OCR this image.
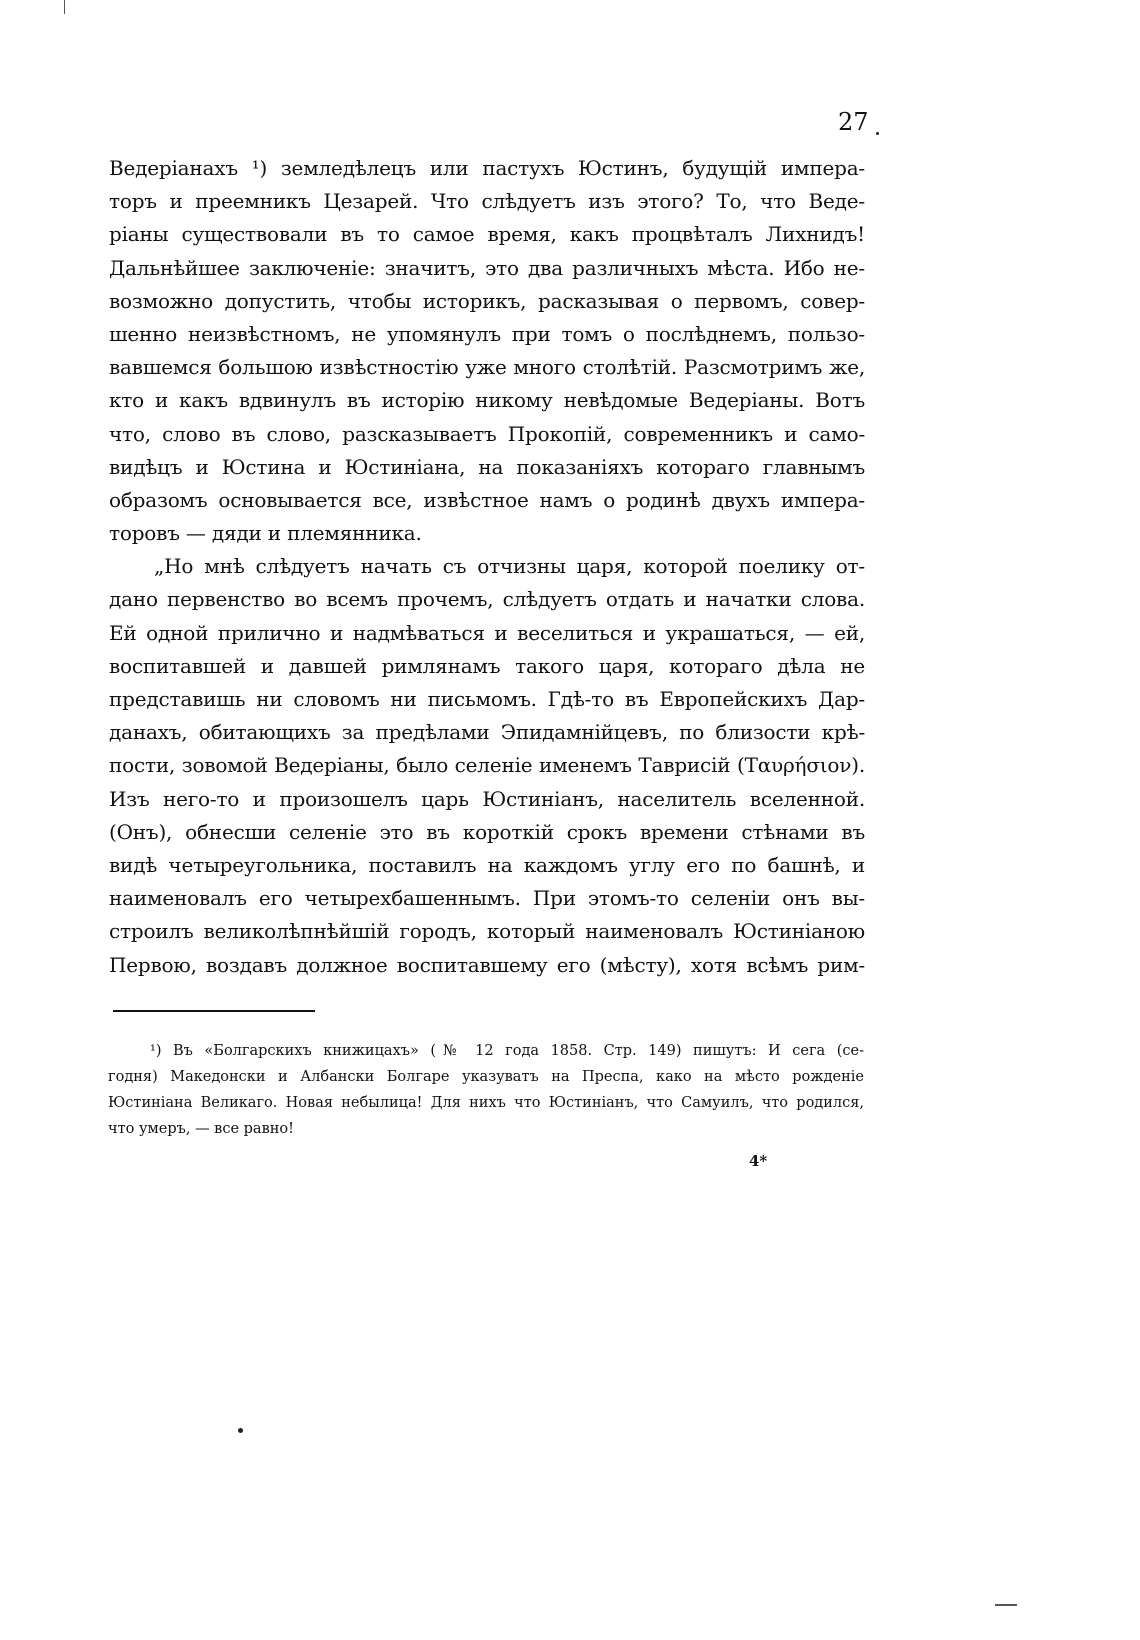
27
Ведеріанахъ ¹) земледѣлецъ или пастухъ Юстинъ, будущій импера-
торъ и преемникъ Цезарей. Что слѣдуетъ изъ этого? То, что Ведe-
ріаны существовали въ то самое время, какъ процвѣталъ Лихнидъ!
Дальнѣйшее заключеніе: значитъ, это два различныхъ мѣста. Ибо не-
возможно допустить, чтобы историкъ, раскaзывая о первомъ, совер-
шенно неизвѣстномъ, не упомянулъ при томъ о послѣднемъ, пользо-
вавшемся большою извѣстностію уже много столѣтій. Разсмотримъ же,
кто и какъ вдвинулъ въ исторію никому невѣдомые Ведеріаны. Вотъ
что, слово въ слово, разсказываетъ Прокопій, современникъ и само-
видѣцъ и Юстина и Юстиніана, на показаніяхъ котораго главнымъ
образомъ основывается все, извѣстное намъ о родинѣ двухъ импера-
торовъ — дяди и племянника.
„Но мнѣ слѣдуетъ начать съ отчизны царя, которой поелику от-
дано первенство во всемъ прочемъ, слѣдуетъ отдать и начатки слова.
Ей одной прилично и надмѣваться и веселиться и украшаться, — ей,
воспитавшей и давшей римлянамъ такого царя, котораго дѣла не
представишь ни словомъ ни письмомъ. Гдѣ-то въ Европейскихъ Дар-
данахъ, обитающихъ за предѣлами Эпидамнійцевъ, по близости крѣ-
пости, зовомой Ведеріаны, было селеніе именемъ Таврисій (Ταυρήσιον).
Изъ него-то и произошелъ царь Юстиніанъ, населитель вселенной.
(Онъ), обнесши селеніе это въ короткій срокъ времени стѣнами въ
видѣ четыреугольника, поставилъ на каждомъ углу его по башнѣ, и
наименовалъ его четырехбашеннымъ. При этомъ-то селеніи онъ вы-
строилъ великолѣпнѣйшій городъ, который наименовалъ Юстиніаною
Первою, воздавъ должное воспитавшему его (мѣсту), хотя всѣмъ рим-
¹) Въ «Болгарскихъ книжицахъ» (№ 12 года 1858. Стр. 149) пишутъ: И сега (се-
годня) Македонски и Албански Болгаре указуватъ на Преспа, како на мѣсто рожденіе
Юстиніана Великаго. Новая небылица! Для нихъ что Юстиніанъ, что Самуилъ, что родился,
что умеръ, — все равно!
4*
